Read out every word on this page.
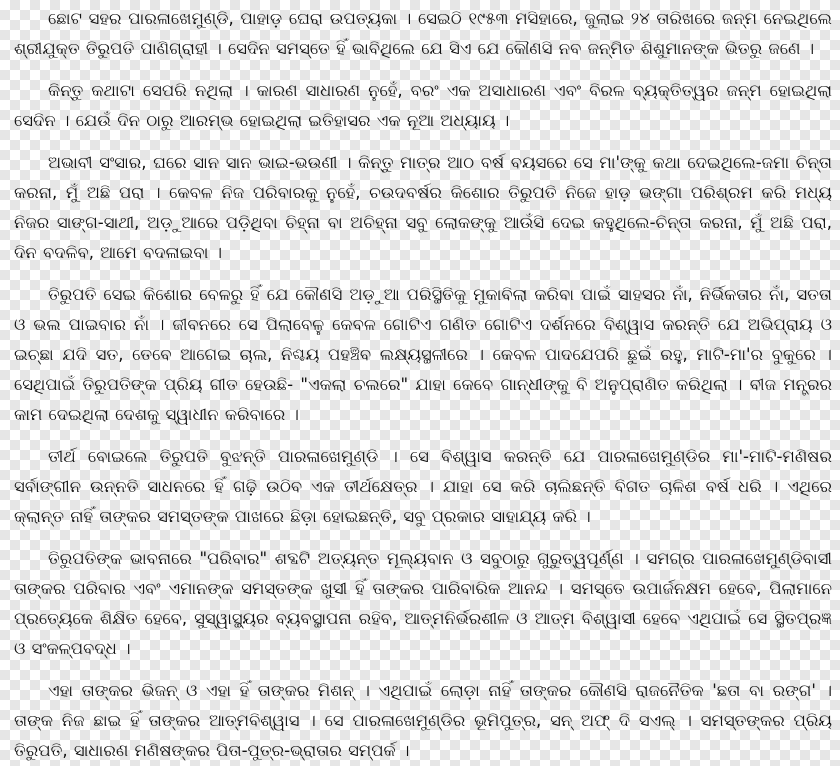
ଛୋଟ ସହର ପାରଳାଖେମୁଣ୍ଡି, ପାହାଡ଼ ଘେରା ଉପତ୍ୟକା । ସେଇଠି ୧୯୫୩ ମସିହାରେ, ଜୁଲାଇ ୨୪ ତାରିଖରେ ଜନ୍ମ ନେଇଥିଲେ ଶ୍ରୀଯୁକ୍ତ ତିରୁପତି ପାଣିଗ୍ରାହୀ । ସେଦିନ ସମସ୍ତେ ହିଁ ଭାବିଥିଲେ ଯେ ସିଏ ଯେ କୌଣସି ନବ ଜନ୍ମିତ ଶିଶୁମାନଙ୍କ ଭିତରୁ ଜଣେ ।

କିନ୍ତୁ କଥାଟା ସେପରି ନଥିଲା । କାରଣ ସାଧାରଣ ନୁହେଁ, ବରଂ ଏକ ଅସାଧାରଣ ଏବଂ ବିରଳ ବ୍ୟକ୍ତିତ୍ୱର ଜନ୍ମ ହୋଇଥିଲା ସେଦିନ । ଯେଉଁ ଦିନ ଠାରୁ ଆରମ୍ଭ ହୋଇଥିଲା ଇତିହାସର ଏକ ନୂଆ ଅଧ୍ୟାୟ ।

ଅଭାବୀ ସଂସାର, ଘରେ ସାନ ସାନ ଭାଇ-ଭଉଣୀ । କିନ୍ତୁ ମାତ୍ର ଆଠ ବର୍ଷ ବୟସରେ ସେ ମା'ଙ୍କୁ କଥା ଦେଇଥିଲେ-ଜମା ଚିନ୍ତା କରନା, ମୁଁ ଅଛି ପରା । କେବଳ ନିଜ ପରିବାରକୁ ନୁହେଁ, ଚଉଦବର୍ଷର କିଶୋର ତିରୁପତି ନିଜେ ହାଡ଼ ଭଙ୍ଗା ପରିଶ୍ରମ କରି ମଧ୍ୟ ନିଜର ସାଙ୍ଗ-ସାଥୀ, ଅଡ଼ୁଆରେ ପଡ଼ିଥିବା ଚିହ୍ନା ବା ଅଚିହ୍ନା ସବୁ ଲୋକଙ୍କୁ ଆଉଁସି ଦେଇ କହୁଥିଲେ-ଚିନ୍ତା କରନା, ମୁଁ ଅଛି ପରା, ଦିନ ବଦଳିବ, ଆମେ ବଦଳାଇବା ।

ତିରୁପତି ସେଇ କିଶୋର ବେଳରୁ ହିଁ ଯେ କୌଣସି ଅଡ଼ୁଆ ପରିସ୍ଥିତିକୁ ମୁକାବିଲା କରିବା ପାଇଁ ସାହସର ନାଁ, ନିର୍ଭିକତାର ନାଁ, ସତତା ଓ ଭଲ ପାଇବାର ନାଁ । ଜୀବନରେ ସେ ପିଲାବେଳୁ କେବଳ ଗୋଟିଏ ଗଣିତ ଗୋଟିଏ ଦର୍ଶନରେ ବିଶ୍ୱାସ କରନ୍ତି ଯେ ଅଭିପ୍ରାୟ ଓ ଇଚ୍ଛା ଯଦି ସତ, ତେବେ ଆଗେଇ ଚାଲ, ନିଶ୍ଚୟ ପହଞ୍ଚିବ ଲକ୍ଷ୍ୟସ୍ଥଳୀରେ । କେବଳ ପାଦଯେପରି ଛୁଇଁ ରହୁ, ମାଟି-ମା'ର ବୁକୁରେ । ସେଥିପାଇଁ ତିରୁପତିଙ୍କ ପ୍ରିୟ ଗୀତ ହେଉଛି- "ଏକଲା ଚଲରେ" ଯାହା କେବେ ଗାନ୍ଧୀଙ୍କୁ ବି ଅନୁପ୍ରାଣିତ କରିଥିଲା । ବୀଜ ମନ୍ତ୍ରର କାମ ଦେଇଥିଲା ଦେଶକୁ ସ୍ୱାଧୀନ କରିବାରେ ।

ତୀର୍ଥ ବୋଇଲେ ତିରୁପତି ବୁଝନ୍ତି ପାରଳାଖେମୁଣ୍ଡି । ସେ ବିଶ୍ୱାସ କରନ୍ତି ଯେ ପାରଳାଖେମୁଣ୍ଡିର ମା'-ମାଟି-ମଣିଷର ସର୍ବାଙ୍ଗୀନ ଉନ୍ନତି ସାଧନରେ ହିଁ ଗଢ଼ି ଉଠିବ ଏକ ତୀର୍ଥକ୍ଷେତ୍ର । ଯାହା ସେ କରି ଚାଲିଛନ୍ତି ବିଗତ ଚାଳିଶ ବର୍ଷ ଧରି । ଏଥିରେ କ୍ଲାନ୍ତ ନାହିଁ ତାଙ୍କର ସମସ୍ତଙ୍କ ପାଖରେ ଛିଡ଼ା ହୋଇଛନ୍ତି, ସବୁ ପ୍ରକାର ସାହାଯ୍ୟ କରି ।

ତିରୁପତିଙ୍କ ଭାବନାରେ "ପରିବାର" ଶବ୍ଦଟି ଅତ୍ୟନ୍ତ ମୂଲ୍ୟବାନ ଓ ସବୁଠାରୁ ଗୁରୁତ୍ୱପୂର୍ଣ୍ଣ । ସମଗ୍ର ପାରଳାଖେମୁଣ୍ଡିବାସୀ ତାଙ୍କର ପରିବାର ଏବଂ ଏମାନଙ୍କ ସମସ୍ତଙ୍କ ଖୁସୀ ହିଁ ତାଙ୍କର ପାରିବାରିକ ଆନନ୍ଦ । ସମସ୍ତେ ଉପାର୍ଜନକ୍ଷମ ହେବେ, ପିଲାମାନେ ପ୍ରତ୍ୟେକେ ଶିକ୍ଷିତ ହେବେ, ସୁସ୍ୱାସ୍ଥ୍ୟର ବ୍ୟବସ୍ଥାପନା ରହିବ, ଆତ୍ମନିର୍ଭରଶୀଳ ଓ ଆତ୍ମ ବିଶ୍ୱାସୀ ହେବେ ଏଥିପାଇଁ ସେ ସ୍ଥିତପ୍ରଜ୍ଞ ଓ ସଂକଳ୍ପବଦ୍ଧ ।

ଏହା ତାଙ୍କର ଭିଜନ୍ ଓ ଏହା ହିଁ ତାଙ୍କର ମିଶନ୍ । ଏଥିପାଇଁ ଲୋଡ଼ା ନାହିଁ ତାଙ୍କର କୌଣସି ରାଜନୈତିକ 'ଛତା ବା ରଙ୍ଗ' । ତାଙ୍କ ନିଜ ଛାଇ ହିଁ ତାଙ୍କର ଆତ୍ମବିଶ୍ୱାସ । ସେ ପାରଳାଖେମୁଣ୍ଡିର ଭୂମିପୁତ୍ର, ସନ୍ ଅଫ୍ ଦି ସଏଲ୍ । ସମସ୍ତଙ୍କର ପ୍ରିୟ ତିରୁପତି, ସାଧାରଣ ମଣିଷଙ୍କର ପିତା-ପୁତ୍ର-ଭ୍ରାତାର ସମ୍ପର୍କ ।
